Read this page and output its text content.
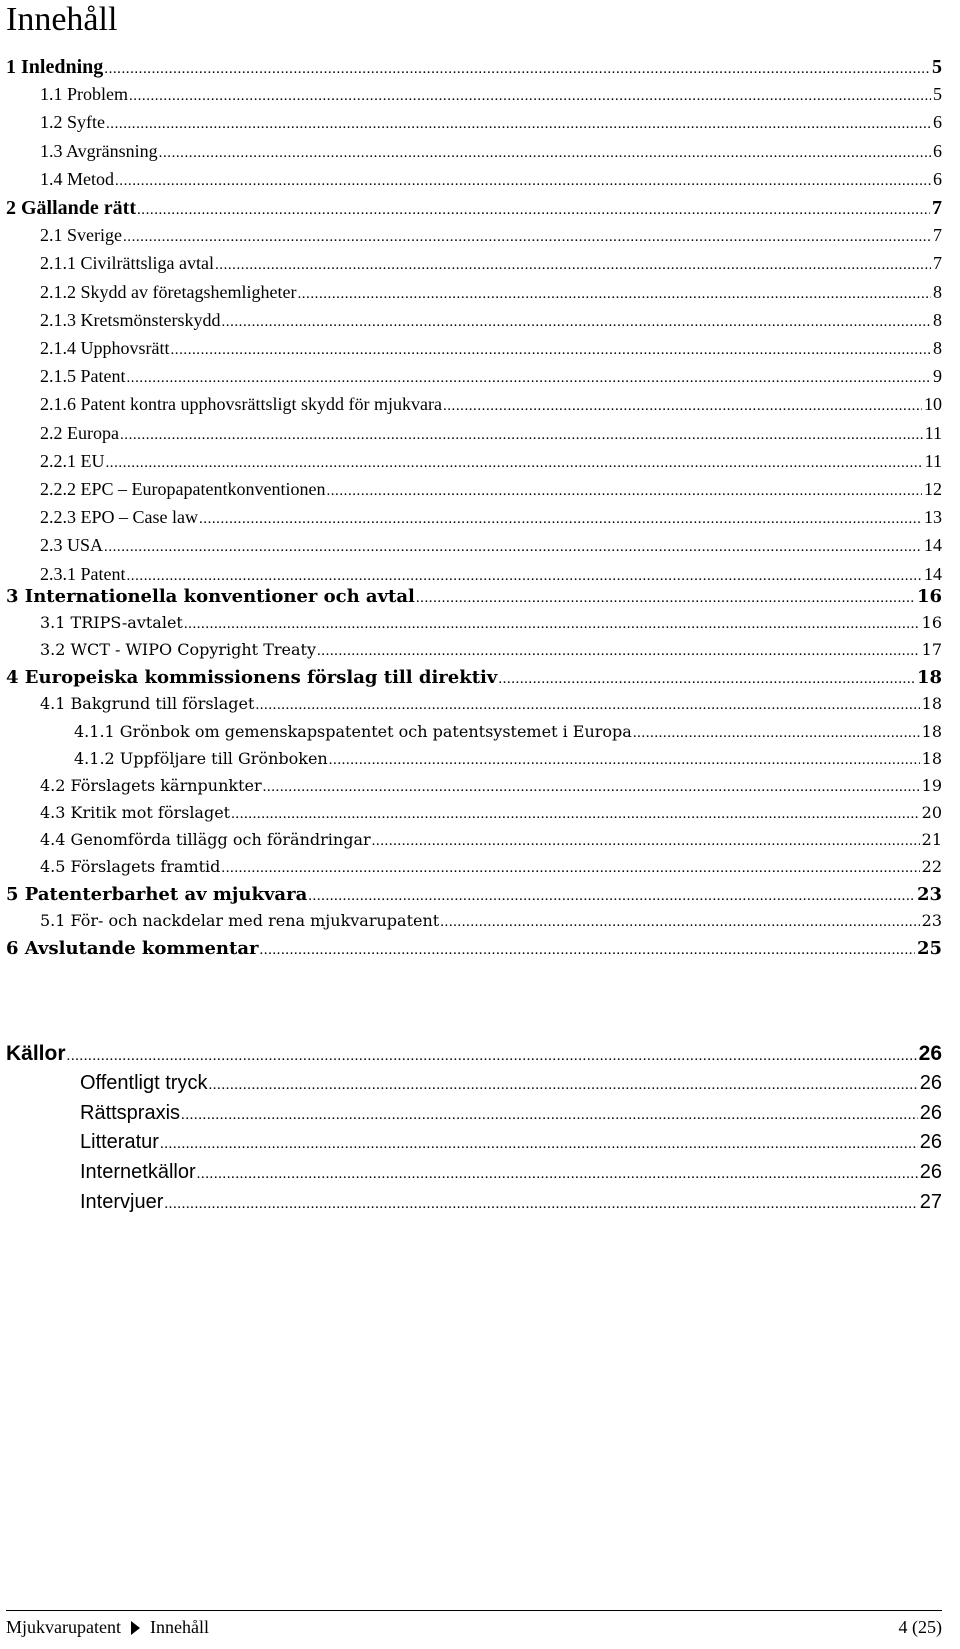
Innehåll
1 Inledning . . .	5
1.1 Problem . . .	5
1.2 Syfte . . .	6
1.3 Avgränsning . . .	6
1.4 Metod . . .	6
2 Gällande rätt . . .	7
2.1 Sverige . . .	7
2.1.1 Civilrättsliga avtal . . .	7
2.1.2 Skydd av företagshemligheter . . .	8
2.1.3 Kretsmönsterskydd . . .	8
2.1.4 Upphovsrätt . . .	8
2.1.5 Patent . . .	9
2.1.6 Patent kontra upphovsrättsligt skydd för mjukvara . . .	10
2.2 Europa . . .	11
2.2.1 EU . . .	11
2.2.2 EPC – Europapatentkonventionen . . .	12
2.2.3 EPO – Case law . . .	13
2.3 USA . . .	14
2.3.1 Patent . . .	14
3 Internationella konventioner och avtal . . .	16
3.1 TRIPS-avtalet . . .	16
3.2 WCT - WIPO Copyright Treaty . . .	17
4 Europeiska kommissionens förslag till direktiv . . .	18
4.1 Bakgrund till förslaget . . .	18
4.1.1 Grönbok om gemenskapspatentet och patentsystemet i Europa . . .	18
4.1.2 Uppföljare till Grönboken . . .	18
4.2 Förslagets kärnpunkter . . .	19
4.3 Kritik mot förslaget . . .	20
4.4 Genomförda tillägg och förändringar . . .	21
4.5 Förslagets framtid . . .	22
5 Patenterbarhet av mjukvara . . .	23
5.1 För- och nackdelar med rena mjukvarupatent . . .	23
6 Avslutande kommentar . . .	25
Källor . . .	26
Offentligt tryck . . .	26
Rättspraxis . . .	26
Litteratur . . .	26
Internetkällor . . .	26
Intervjuer . . .	27
Mjukvarupatent Innehåll	4 (25)
